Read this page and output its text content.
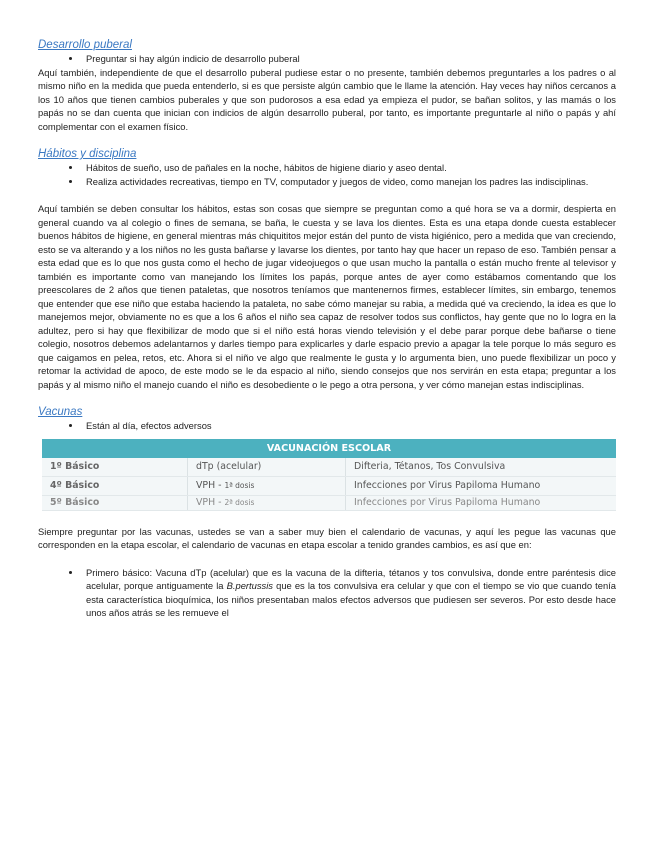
Desarrollo puberal

• Preguntar si hay algún indicio de desarrollo puberal

Aquí también, independiente de que el desarrollo puberal pudiese estar o no presente, también debemos preguntarles a los padres o al mismo niño en la medida que pueda entenderlo, si es que persiste algún cambio que le llame la atención. Hay veces hay niños cercanos a los 10 años que tienen cambios puberales y que son pudorosos a esa edad ya empieza el pudor, se bañan solitos, y las mamás o los papás no se dan cuenta que inician con indicios de algún desarrollo puberal, por tanto, es importante preguntarle al niño o papás y ahí complementar con el examen físico.

Hábitos y disciplina

• Hábitos de sueño, uso de pañales en la noche, hábitos de higiene diario y aseo dental.
• Realiza actividades recreativas, tiempo en TV, computador y juegos de video, como manejan los padres las indisciplinas.

Aquí también se deben consultar los hábitos, estas son cosas que siempre se preguntan como a qué hora se va a dormir, despierta en general cuando va al colegio o fines de semana, se baña, le cuesta y se lava los dientes. Esta es una etapa donde cuesta establecer buenos hábitos de higiene, en general mientras más chiquititos mejor están del punto de vista higiénico, pero a medida que van creciendo, esto se va alterando y a los niños no les gusta bañarse y lavarse los dientes, por tanto hay que hacer un repaso de eso. También pensar a esta edad que es lo que nos gusta como el hecho de jugar videojuegos o que usan mucho la pantalla o están mucho frente al televisor y también es importante como van manejando los límites los papás, porque antes de ayer como estábamos comentando que los preescolares de 2 años que tienen pataletas, que nosotros teníamos que mantenernos firmes, establecer límites, sin embargo, tenemos que entender que ese niño que estaba haciendo la pataleta, no sabe cómo manejar su rabia, a medida qué va creciendo, la idea es que lo manejemos mejor, obviamente no es que a los 6 años el niño sea capaz de resolver todos sus conflictos, hay gente que no lo logra en la adultez, pero si hay que flexibilizar de modo que si el niño está horas viendo televisión y el debe parar porque debe bañarse o tiene colegio, nosotros debemos adelantarnos y darles tiempo para explicarles y darle espacio previo a apagar la tele porque lo más seguro es que caigamos en pelea, retos, etc. Ahora si el niño ve algo que realmente le gusta y lo argumenta bien, uno puede flexibilizar un poco y retomar la actividad de apoco, de este modo se le da espacio al niño, siendo consejos que nos servirán en esta etapa; preguntar a los papás y al mismo niño el manejo cuando el niño es desobediente o le pego a otra persona, y ver cómo manejan estas indisciplinas.

Vacunas

• Están al día, efectos adversos
VACUNACIÓN ESCOLAR		
1º Básico	dTp (acelular)	Difteria, Tétanos, Tos Convulsiva
4º Básico	VPH - 1ª dosis	Infecciones por Virus Papiloma Humano
5º Básico	VPH - 2ª dosis	Infecciones por Virus Papiloma Humano

Siempre preguntar por las vacunas, ustedes se van a saber muy bien el calendario de vacunas, y aquí les pegue las vacunas que corresponden en la etapa escolar, el calendario de vacunas en etapa escolar a tenido grandes cambios, es así que en:

• Primero básico: Vacuna dTp (acelular) que es la vacuna de la difteria, tétanos y tos convulsiva, donde entre paréntesis dice acelular, porque antiguamente la B.pertussis que es la tos convulsiva era celular y que con el tiempo se vio que cuando tenía esta característica bioquímica, los niños presentaban malos efectos adversos que pudiesen ser severos. Por esto desde hace unos años atrás se les remueve el
